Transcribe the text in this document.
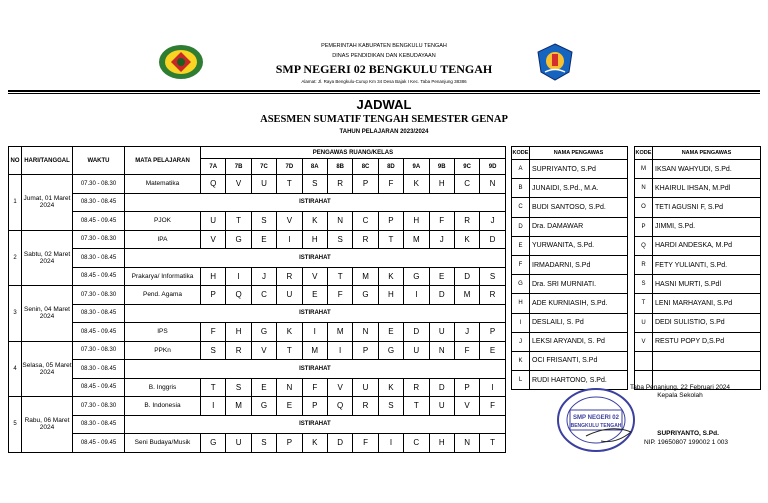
PEMERINTAH KABUPATEN BENGKULU TENGAH
DINAS PENDIDIKAN DAN KEBUDAYAAN
SMP NEGERI 02 BENGKULU TENGAH
Alamat: Jl. Raya Bengkulu-Curup Km 34 Desa Bajak I Kec. Taba Penanjung 38386
JADWAL
ASESMEN SUMATIF TENGAH SEMESTER GENAP
TAHUN PELAJARAN 2023/2024
NO	HARI/TANGGAL	WAKTU	MATA PELAJARAN	PENGAWAS RUANG/KELAS											
				7A	7B	7C	7D	8A	8B	8C	8D	9A	9B	9C	9D
1	Jumat, 01 Maret 2024	07.30 - 08.30	Matematika	Q	V	U	T	S	R	P	F	K	H	C	N
		08.30 - 08.45	ISTIRAHAT												
		08.45 - 09.45	PJOK	U	T	S	V	K	N	C	P	H	F	R	J
2	Sabtu, 02 Maret 2024	07.30 - 08.30	IPA	V	G	E	I	H	S	R	T	M	J	K	D
		08.30 - 08.45	ISTIRAHAT												
		08.45 - 09.45	Prakarya/ Informatika	H	I	J	R	V	T	M	K	G	E	D	S
3	Senin, 04 Maret 2024	07.30 - 08.30	Pend. Agama	P	Q	C	U	E	F	G	H	I	D	M	R
		08.30 - 08.45	ISTIRAHAT												
		08.45 - 09.45	IPS	F	H	G	K	I	M	N	E	D	U	J	P
4	Selasa, 05 Maret 2024	07.30 - 08.30	PPKn	S	R	V	T	M	I	P	G	U	N	F	E
		08.30 - 08.45	ISTIRAHAT												
		08.45 - 09.45	B. Inggris	T	S	E	N	F	V	U	K	R	D	P	I
5	Rabu, 06 Maret 2024	07.30 - 08.30	B. Indonesia	I	M	G	E	P	Q	R	S	T	U	V	F
		08.30 - 08.45	ISTIRAHAT												
		08.45 - 09.45	Seni Budaya/Musik	G	U	S	P	K	D	F	I	C	H	N	T
KODE	NAMA PENGAWAS
A	SUPRIYANTO, S.Pd
B	JUNAIDI, S.Pd., M.A.
C	BUDI SANTOSO, S.Pd.
D	Dra. DAMAWAR
E	YURWANITA, S.Pd.
F	IRMADARNI, S.Pd
G	Dra. SRI MURNIATI.
H	ADE KURNIASIH, S.Pd.
I	DESLAILI, S. Pd
J	LEKSI ARYANDI, S. Pd
K	OCI FRISANTI, S.Pd
L	RUDI HARTONO, S.Pd.
KODE	NAMA PENGAWAS
M	IKSAN WAHYUDI, S.Pd.
N	KHAIRUL IHSAN, M.Pdl
O	TETI AGUSNI F, S.Pd
P	JIMMI, S.Pd.
Q	HARDI ANDESKA, M.Pd
R	FETY YULIANTI, S.Pd.
S	HASNI MURTI, S.Pdl
T	LENI MARHAYANI, S.Pd
U	DEDI SULISTIO, S.Pd
V	RESTU POPY D,S.Pd

SMP NEGERI 02
BENGKULU TENGAH
Taba Penanjung, 22 Februari 2024
Kepala Sekolah
SUPRIYANTO, S.Pd.
NIP. 19650807 199002 1 003
